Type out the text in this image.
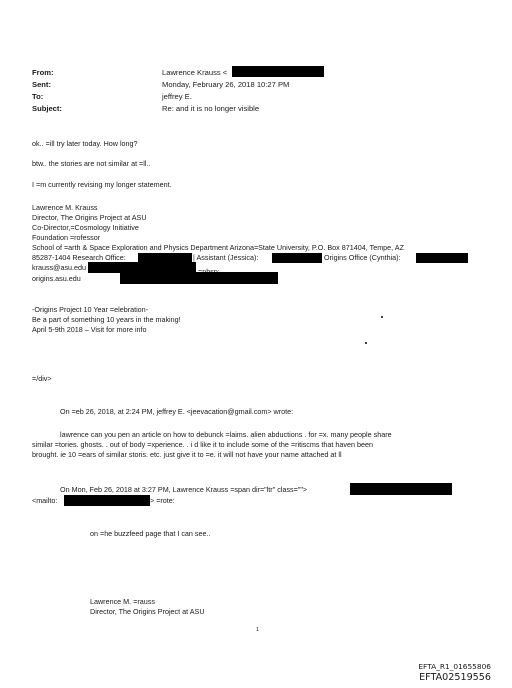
From:	Lawrence Krauss <
Sent:	Monday, February 26, 2018 10:27 PM
To:	jeffrey E.
Subject:	Re: and it is no longer visible
ok.. =ill try later today. How long?
btw.. the stories are not similar at =ll..
I =m currently revising my longer statement.
Lawrence M. Krauss
Director, The Origins Project at ASU
Co-Director,=Cosmology Initiative
Foundation =rofessor
School of =arth & Space Exploration and Physics Department Arizona=State University, P.O. Box 871404, Tempe, AZ
85287-1404 Research Office:	| Assistant (Jessica):	Origins Office (Cynthia):
krauss@asu.edu
origins.asu.edu
-Origins Project 10 Year =elebration-
Be a part of something 10 years in the making!
April 5-9th 2018 – Visit for more info
=/div>
On =eb 26, 2018, at 2:24 PM, jeffrey E. <jeevacation@gmail.com> wrote:
lawrence can you pen an article on how to debunck =laims. alien abductions . for =x. many people share
similar =tories. ghosts. . out of body =xperience. . i d like it to include some of the =ritiscms that haven been
brought. ie 10 =ears of similar storis. etc. just give it to =e. it will not have your name attached at ll
On Mon, Feb 26, 2018 at 3:27 PM, Lawrence Krauss =span dir="ltr" class="">
<mailto:	> =rote:
on =he buzzfeed page that I can see..
Lawrence M. =rauss
Director, The Origins Project at ASU
1
EFTA_R1_01655806
EFTA02519556
